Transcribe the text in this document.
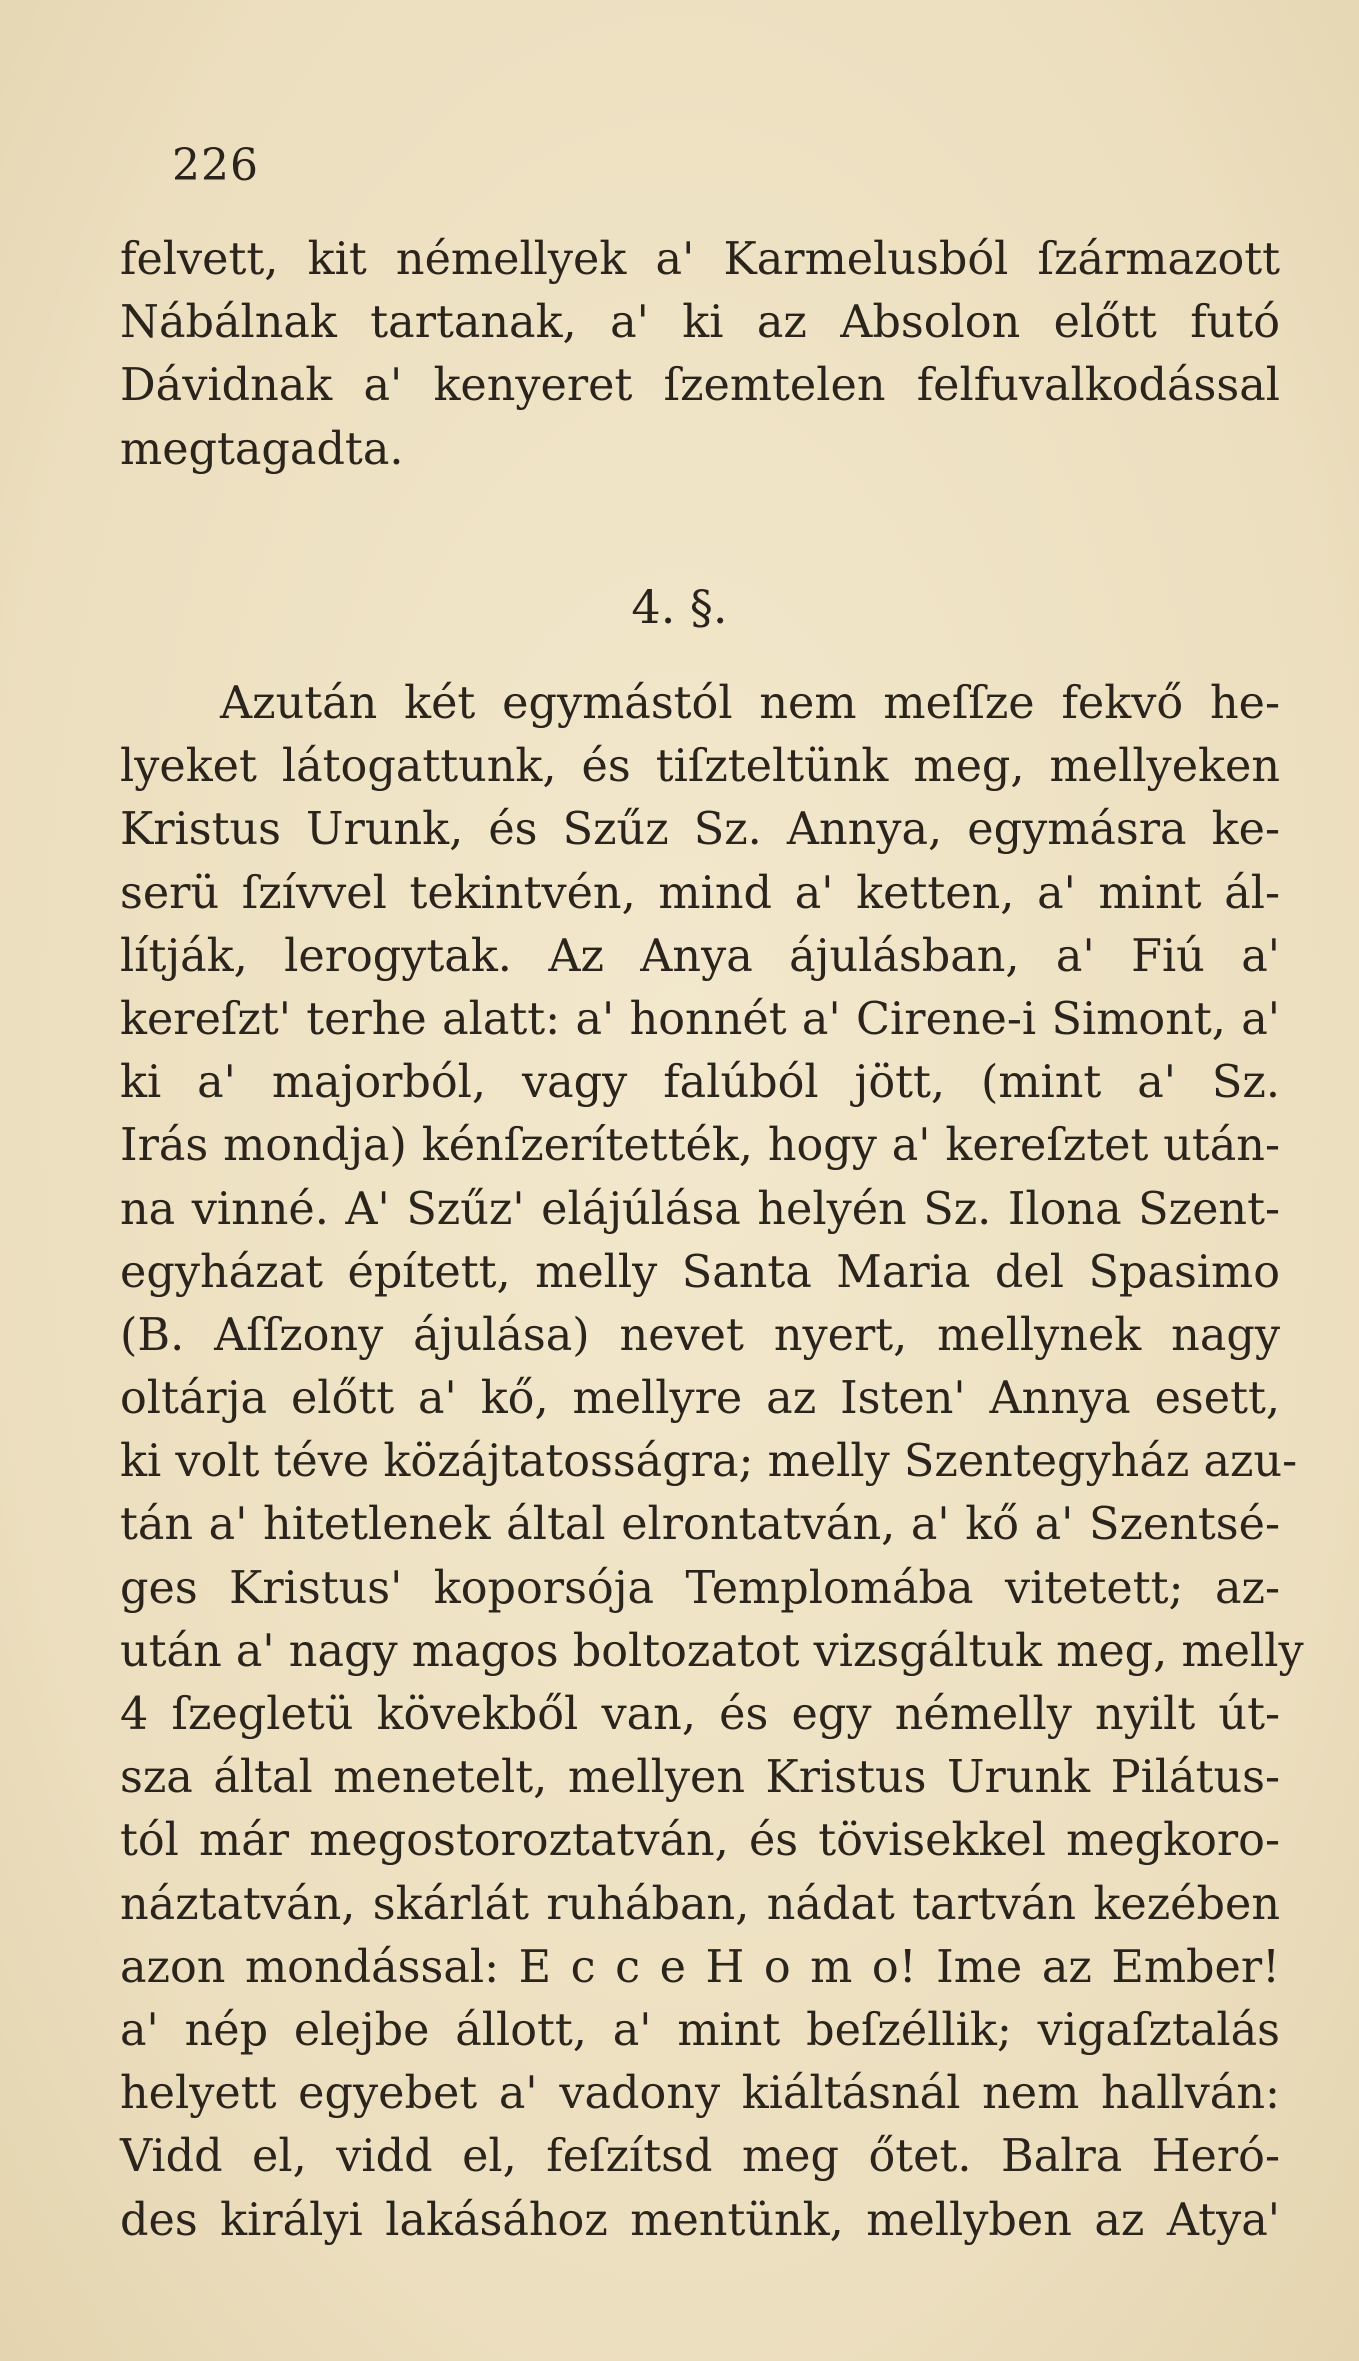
226
felvett, kit némellyek a' Karmelusból ſzármazott
Nábálnak tartanak, a' ki az Absolon előtt futó
Dávidnak a' kenyeret ſzemtelen felfuvalkodással
megtagadta.
4. §.
Azután két egymástól nem meſſze fekvő he-
lyeket látogattunk, és tiſzteltünk meg, mellyeken
Kristus Urunk, és Szűz Sz. Annya, egymásra ke-
serü ſzívvel tekintvén, mind a' ketten, a' mint ál-
lítják, lerogytak. Az Anya ájulásban, a' Fiú a'
kereſzt' terhe alatt: a' honnét a' Cirene-i Simont, a'
ki a' majorból, vagy falúból jött, (mint a' Sz.
Irás mondja) kénſzerítették, hogy a' kereſztet után-
na vinné. A' Szűz' elájúlása helyén Sz. Ilona Szent-
egyházat épített, melly Santa Maria del Spasimo
(B. Aſſzony ájulása) nevet nyert, mellynek nagy
oltárja előtt a' kő, mellyre az Isten' Annya esett,
ki volt téve közájtatosságra; melly Szentegyház azu-
tán a' hitetlenek által elrontatván, a' kő a' Szentsé-
ges Kristus' koporsója Templomába vitetett; az-
után a' nagy magos boltozatot vizsgáltuk meg, melly
4 ſzegletü kövekből van, és egy némelly nyilt út-
sza által menetelt, mellyen Kristus Urunk Pilátus-
tól már megostoroztatván, és tövisekkel megkoro-
náztatván, skárlát ruhában, nádat tartván kezében
azon mondással: E c c e H o m o! Ime az Ember!
a' nép elejbe állott, a' mint beſzéllik; vigaſztalás
helyett egyebet a' vadony kiáltásnál nem hallván:
Vidd el, vidd el, feſzítsd meg őtet. Balra Heró-
des királyi lakásához mentünk, mellyben az Atya'
